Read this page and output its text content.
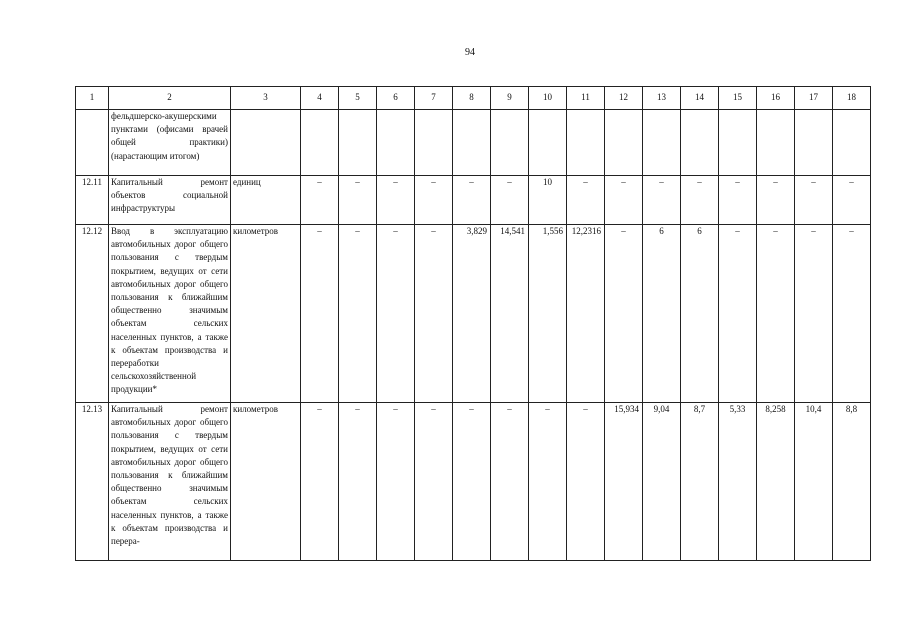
94
1	2	3	4	5	6	7	8	9	10	11	12	13	14	15	16	17	18
	фельдшерско-акушерскими пунктами (офисами врачей общей практики) (нарастающим итогом)																
12.11	Капитальный ремонт объектов социальной инфраструктуры	единиц	–	–	–	–	–	–	10	–	–	–	–	–	–	–	–
12.12	Ввод в эксплуатацию автомобильных дорог общего пользования с твердым покрытием, ведущих от сети автомобильных дорог общего пользования к ближайшим общественно значимым объектам сельских населенных пунктов, а также к объектам производства и переработки сельскохозяйственной продукции*	километров	–	–	–	–	3,829	14,541	1,556	12,2316	–	6	6	–	–	–	–
12.13	Капитальный ремонт автомобильных дорог общего пользования с твердым покрытием, ведущих от сети автомобильных дорог общего пользования к ближайшим общественно значимым объектам сельских населенных пунктов, а также к объектам производства и перера-	километров	–	–	–	–	–	–	–	–	15,934	9,04	8,7	5,33	8,258	10,4	8,8
